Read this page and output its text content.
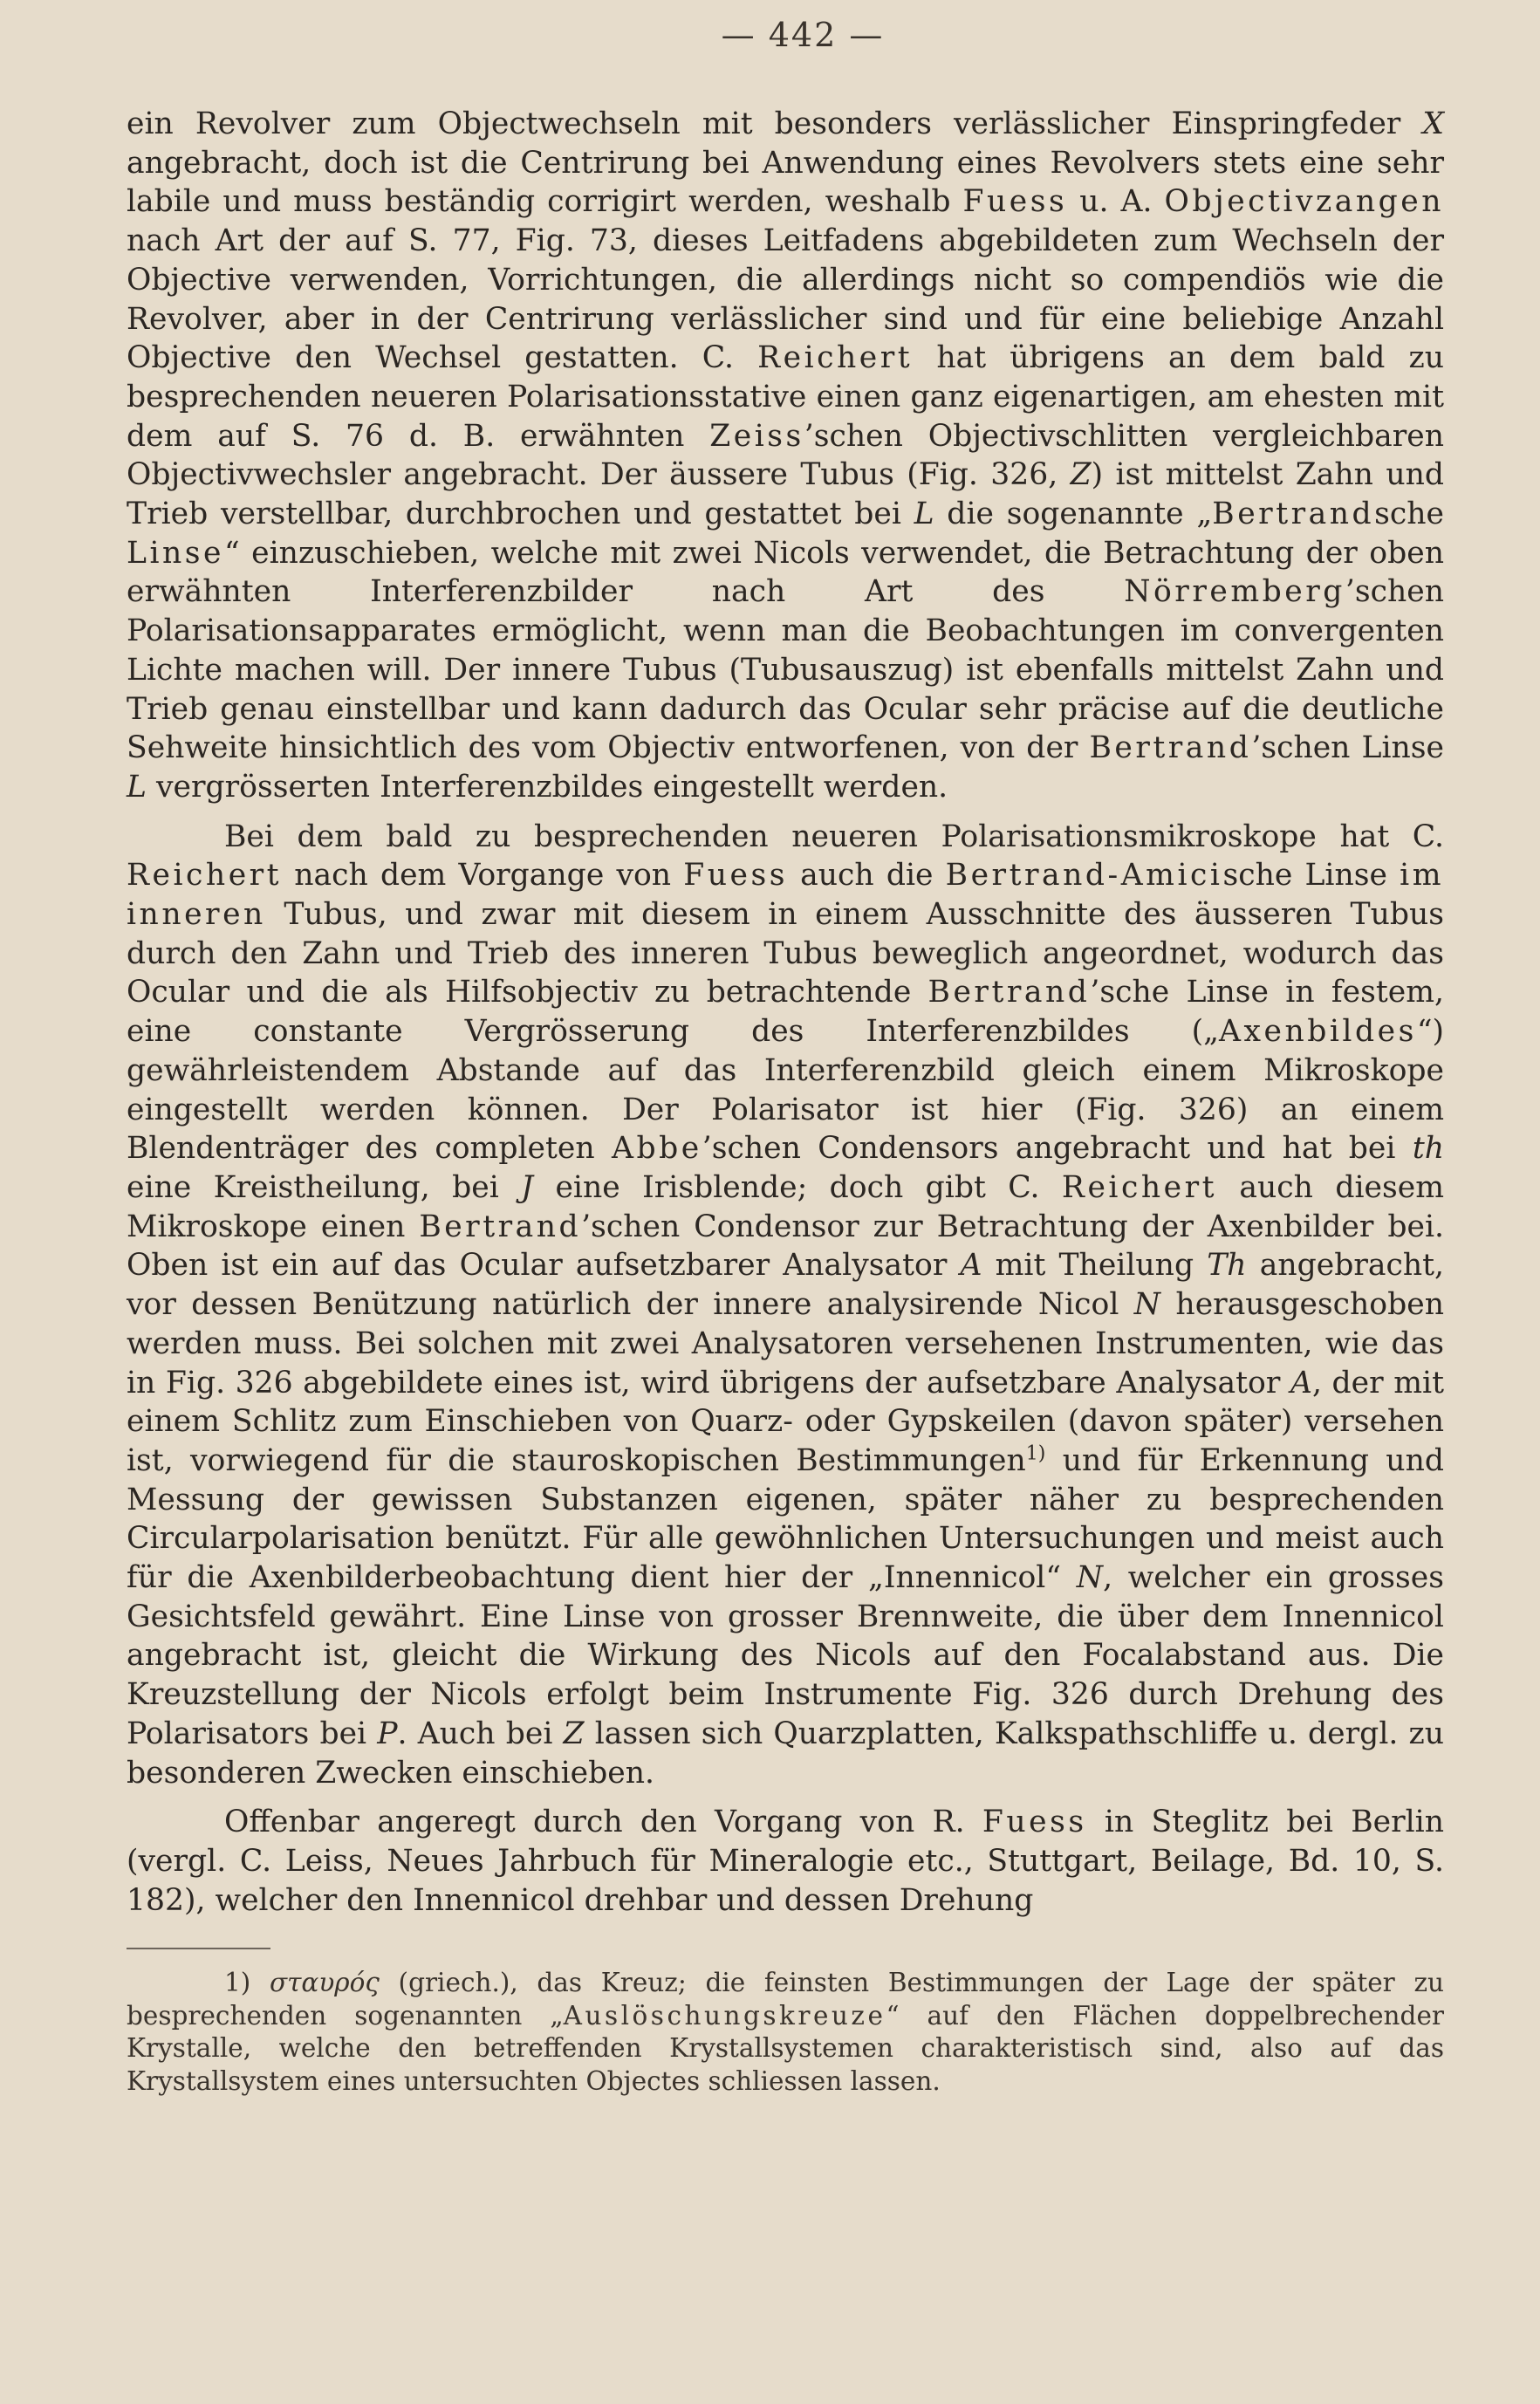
— 442 —

ein Revolver zum Objectwechseln mit besonders verlässlicher Einspringfeder X angebracht, doch ist die Centrirung bei Anwendung eines Revolvers stets eine sehr labile und muss beständig corrigirt werden, weshalb Fuess u. A. Objectivzangen nach Art der auf S. 77, Fig. 73, dieses Leitfadens abgebildeten zum Wechseln der Objective verwenden, Vorrichtungen, die allerdings nicht so compendiös wie die Revolver, aber in der Centrirung verlässlicher sind und für eine beliebige Anzahl Objective den Wechsel gestatten. C. Reichert hat übrigens an dem bald zu besprechenden neueren Polarisationsstative einen ganz eigenartigen, am ehesten mit dem auf S. 76 d. B. erwähnten Zeiss’schen Objectivschlitten vergleichbaren Objectivwechsler angebracht. Der äussere Tubus (Fig. 326, Z) ist mittelst Zahn und Trieb verstellbar, durchbrochen und gestattet bei L die sogenannte „Bertrandsche Linse“ einzuschieben, welche mit zwei Nicols verwendet, die Betrachtung der oben erwähnten Interferenzbilder nach Art des Nörremberg’schen Polarisationsapparates ermöglicht, wenn man die Beobachtungen im convergenten Lichte machen will. Der innere Tubus (Tubusauszug) ist ebenfalls mittelst Zahn und Trieb genau einstellbar und kann dadurch das Ocular sehr präcise auf die deutliche Sehweite hinsichtlich des vom Objectiv entworfenen, von der Bertrand’schen Linse L vergrösserten Interferenzbildes eingestellt werden.

Bei dem bald zu besprechenden neueren Polarisationsmikroskope hat C. Reichert nach dem Vorgange von Fuess auch die Bertrand-Amicische Linse im inneren Tubus, und zwar mit diesem in einem Ausschnitte des äusseren Tubus durch den Zahn und Trieb des inneren Tubus beweglich angeordnet, wodurch das Ocular und die als Hilfsobjectiv zu betrachtende Bertrand’sche Linse in festem, eine constante Vergrösserung des Interferenzbildes („Axenbildes“) gewährleistendem Abstande auf das Interferenzbild gleich einem Mikroskope eingestellt werden können. Der Polarisator ist hier (Fig. 326) an einem Blendenträger des completen Abbe’schen Condensors angebracht und hat bei th eine Kreistheilung, bei J eine Irisblende; doch gibt C. Reichert auch diesem Mikroskope einen Bertrand’schen Condensor zur Betrachtung der Axenbilder bei. Oben ist ein auf das Ocular aufsetzbarer Analysator A mit Theilung Th angebracht, vor dessen Benützung natürlich der innere analysirende Nicol N herausgeschoben werden muss. Bei solchen mit zwei Analysatoren versehenen Instrumenten, wie das in Fig. 326 abgebildete eines ist, wird übrigens der aufsetzbare Analysator A, der mit einem Schlitz zum Einschieben von Quarz- oder Gypskeilen (davon später) versehen ist, vorwiegend für die stauroskopischen Bestimmungen$^{1)}$ und für Erkennung und Messung der gewissen Substanzen eigenen, später näher zu besprechenden Circularpolarisation benützt. Für alle gewöhnlichen Untersuchungen und meist auch für die Axenbilderbeobachtung dient hier der „Innennicol“ N, welcher ein grosses Gesichtsfeld gewährt. Eine Linse von grosser Brennweite, die über dem Innennicol angebracht ist, gleicht die Wirkung des Nicols auf den Focalabstand aus. Die Kreuzstellung der Nicols erfolgt beim Instrumente Fig. 326 durch Drehung des Polarisators bei P. Auch bei Z lassen sich Quarzplatten, Kalkspathschliffe u. dergl. zu besonderen Zwecken einschieben.

Offenbar angeregt durch den Vorgang von R. Fuess in Steglitz bei Berlin (vergl. C. Leiss, Neues Jahrbuch für Mineralogie etc., Stuttgart, Beilage, Bd. 10, S. 182), welcher den Innennicol drehbar und dessen Drehung

1) σταυρός (griech.), das Kreuz; die feinsten Bestimmungen der Lage der später zu besprechenden sogenannten „Auslöschungskreuze“ auf den Flächen doppelbrechender Krystalle, welche den betreffenden Krystallsystemen charakteristisch sind, also auf das Krystallsystem eines untersuchten Objectes schliessen lassen.
